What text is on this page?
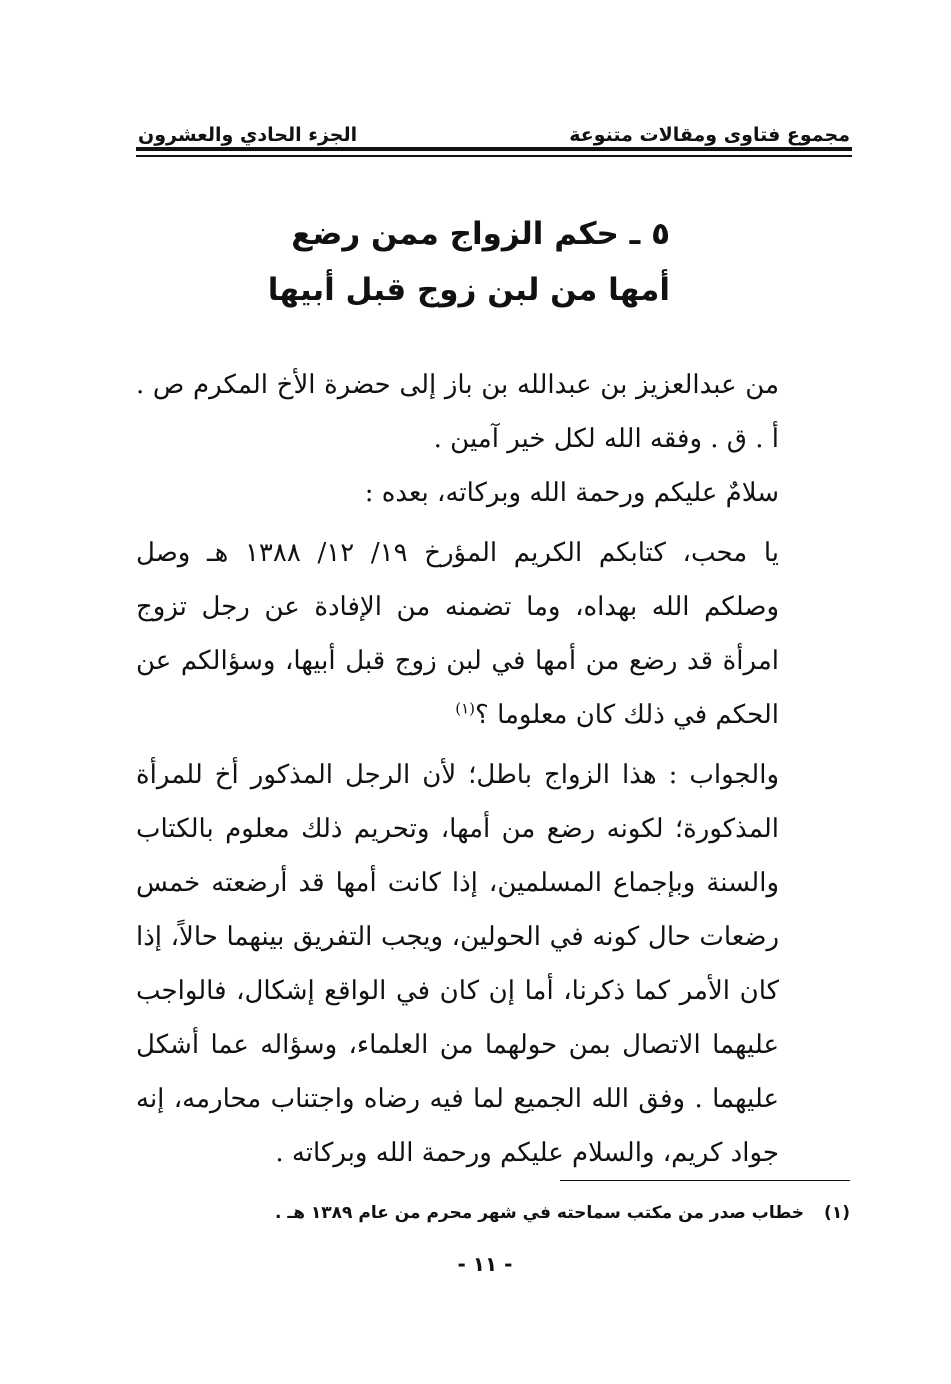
مجموع فتاوى ومقالات متنوعة
الجزء الحادي والعشرون
٥ ـ حكم الزواج ممن رضع
أمها من لبن زوج قبل أبيها

من عبدالعزيز بن عبدالله بن باز إلى حضرة الأخ المكرم ص . أ . ق . وفقه الله لكل خير آمين .

سلامٌ عليكم ورحمة الله وبركاته، بعده :

يا محب، كتابكم الكريم المؤرخ ١٩/ ١٢/ ١٣٨٨ هـ وصل وصلكم الله بهداه، وما تضمنه من الإفادة عن رجل تزوج امرأة قد رضع من أمها في لبن زوج قبل أبيها، وسؤالكم عن الحكم في ذلك كان معلوما ؟$^{(١)}$

والجواب : هذا الزواج باطل؛ لأن الرجل المذكور أخ للمرأة المذكورة؛ لكونه رضع من أمها، وتحريم ذلك معلوم بالكتاب والسنة وبإجماع المسلمين، إذا كانت أمها قد أرضعته خمس رضعات حال كونه في الحولين، ويجب التفريق بينهما حالاً، إذا كان الأمر كما ذكرنا، أما إن كان في الواقع إشكال، فالواجب عليهما الاتصال بمن حولهما من العلماء، وسؤاله عما أشكل عليهما . وفق الله الجميع لما فيه رضاه واجتناب محارمه، إنه جواد كريم، والسلام عليكم ورحمة الله وبركاته .

(١)خطاب صدر من مكتب سماحته في شهر محرم من عام ١٣٨٩ هـ .
- ١١ -
